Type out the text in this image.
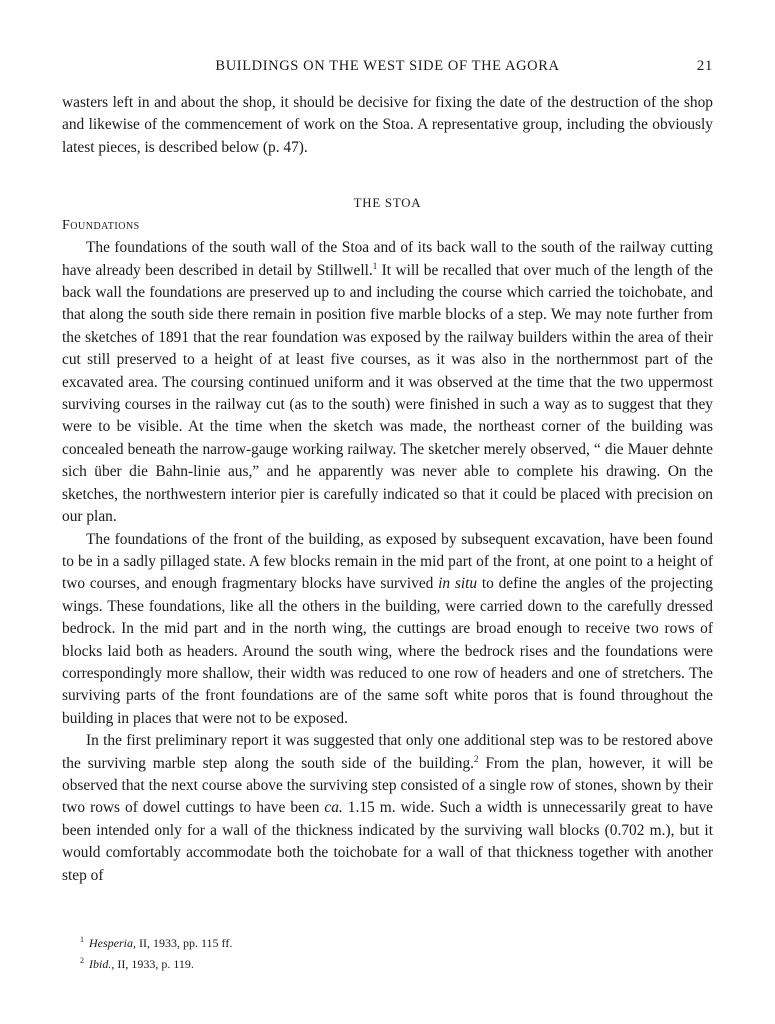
BUILDINGS ON THE WEST SIDE OF THE AGORA	21

wasters left in and about the shop, it should be decisive for fixing the date of the destruction of the shop and likewise of the commencement of work on the Stoa. A representative group, including the obviously latest pieces, is described below (p. 47).

THE STOA
Foundations

The foundations of the south wall of the Stoa and of its back wall to the south of the railway cutting have already been described in detail by Stillwell.$^1$ It will be recalled that over much of the length of the back wall the foundations are preserved up to and including the course which carried the toichobate, and that along the south side there remain in position five marble blocks of a step. We may note further from the sketches of 1891 that the rear foundation was exposed by the railway builders within the area of their cut still preserved to a height of at least five courses, as it was also in the northernmost part of the excavated area. The coursing continued uniform and it was observed at the time that the two uppermost surviving courses in the railway cut (as to the south) were finished in such a way as to suggest that they were to be visible. At the time when the sketch was made, the northeast corner of the building was concealed beneath the narrow-gauge working railway. The sketcher merely observed, “ die Mauer dehnte sich über die Bahn-linie aus,” and he apparently was never able to complete his drawing. On the sketches, the northwestern interior pier is carefully indicated so that it could be placed with precision on our plan.

The foundations of the front of the building, as exposed by subsequent excavation, have been found to be in a sadly pillaged state. A few blocks remain in the mid part of the front, at one point to a height of two courses, and enough fragmentary blocks have survived in situ to define the angles of the projecting wings. These foundations, like all the others in the building, were carried down to the carefully dressed bedrock. In the mid part and in the north wing, the cuttings are broad enough to receive two rows of blocks laid both as headers. Around the south wing, where the bedrock rises and the foundations were correspondingly more shallow, their width was reduced to one row of headers and one of stretchers. The surviving parts of the front foundations are of the same soft white poros that is found throughout the building in places that were not to be exposed.

In the first preliminary report it was suggested that only one additional step was to be restored above the surviving marble step along the south side of the building.$^2$ From the plan, however, it will be observed that the next course above the surviving step consisted of a single row of stones, shown by their two rows of dowel cuttings to have been ca. 1.15 m. wide. Such a width is unnecessarily great to have been intended only for a wall of the thickness indicated by the surviving wall blocks (0.702 m.), but it would comfortably accommodate both the toichobate for a wall of that thickness together with another step of

$^1$ Hesperia, II, 1933, pp. 115 ff.
$^2$ Ibid., II, 1933, p. 119.
